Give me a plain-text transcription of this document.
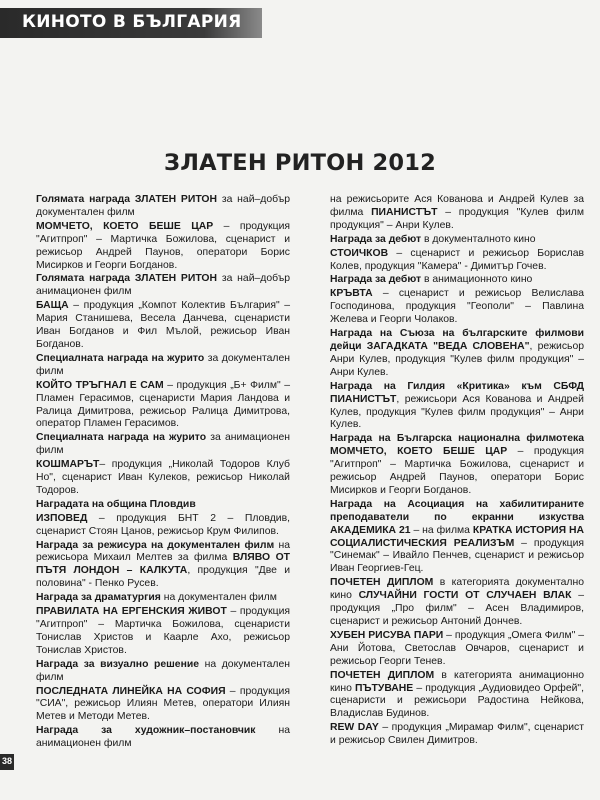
КИНОТО В БЪЛГАРИЯ
ЗЛАТЕН РИТОН 2012

Голямата награда ЗЛАТЕН РИТОН за най–добър документален филм

МОМЧЕТО, КОЕТО БЕШЕ ЦАР – продукция "Агитпроп" – Мартичка Божилова, сценарист и режисьор Андрей Паунов, оператори Борис Мисирков и Георги Богданов.

Голямата награда ЗЛАТЕН РИТОН за най–добър анимационен филм

БАЩА – продукция „Компот Колектив България" – Мария Станишева, Весела Данчева, сценаристи Иван Богданов и Фил Мълой, режисьор Иван Богданов.

Специалната награда на журито за документален филм

КОЙТО ТРЪГНАЛ Е САМ – продукция „Б+ Филм" – Пламен Герасимов, сценаристи Мария Ландова и Ралица Димитрова, режисьор Ралица Димитрова, оператор Пламен Герасимов.

Специалната награда на журито за анимационен филм

КОШМАРЪТ– продукция „Николай Тодоров Клуб Но", сценарист Иван Кулеков, режисьор Николай Тодоров.

Наградата на община Пловдив

ИЗПОВЕД – продукция БНТ 2 – Пловдив, сценарист Стоян Цанов, режисьор Крум Филипов.

Награда за режисура на документален филм на режисьора Михаил Мелтев за филма ВЛЯВО ОТ ПЪТЯ ЛОНДОН – КАЛКУТА, продукция "Две и половина" - Пенко Русев.

Награда за драматургия на документален филм

ПРАВИЛАТА НА ЕРГЕНСКИЯ ЖИВОТ – продукция "Агитпроп" – Мартичка Божилова, сценаристи Тонислав Христов и Каарле Ахо, режисьор Тонислав Христов.

Награда за визуално решение на документален филм

ПОСЛЕДНАТА ЛИНЕЙКА НА СОФИЯ – продукция "СИА", режисьор Илиян Метев, оператори Илиян Метев и Методи Метев.

Награда за художник–постановчик на анимационен филм

на режисьорите Ася Кованова и Андрей Кулев за филма ПИАНИСТЪТ – продукция "Кулев филм продукция" – Анри Кулев.

Награда за дебют в документалното кино

СТОИЧКОВ – сценарист и режисьор Борислав Колев, продукция "Камера" - Димитър Гочев.

Награда за дебют в анимационното кино

КРЪВТА – сценарист и режисьор Велислава Господинова, продукция "Геополи" – Павлина Желева и Георги Чолаков.

Награда на Съюза на българските филмови дейци ЗАГАДКАТА "ВЕДА СЛОВЕНА", режисьор Анри Кулев, продукция "Кулев филм продукция" – Анри Кулев.

Награда на Гилдия «Критика» към СБФД ПИАНИСТЪТ, режисьори Ася Кованова и Андрей Кулев, продукция "Кулев филм продукция" – Анри Кулев.

Награда на Българска национална филмотека МОМЧЕТО, КОЕТО БЕШЕ ЦАР – продукция "Агитпроп" – Мартичка Божилова, сценарист и режисьор Андрей Паунов, оператори Борис Мисирков и Георги Богданов.

Награда на Асоциация на хабилитираните преподаватели по екранни изкуства АКАДЕМИКА 21 – на филма КРАТКА ИСТОРИЯ НА СОЦИАЛИСТИЧЕСКИЯ РЕАЛИЗЪМ – продукция "Синемак" – Ивайло Пенчев, сценарист и режисьор Иван Георгиев-Гец.

ПОЧЕТЕН ДИПЛОМ в категорията документално кино СЛУЧАЙНИ ГОСТИ ОТ СЛУЧАЕН ВЛАК – продукция „Про филм" – Асен Владимиров, сценарист и режисьор Антоний Дончев.

ХУБЕН РИСУВА ПАРИ – продукция „Омега Филм" – Ани Йотова, Светослав Овчаров, сценарист и режисьор Георги Тенев.

ПОЧЕТЕН ДИПЛОМ в категорията анимационно кино ПЪТУВАНЕ – продукция „Аудиовидео Орфей", сценаристи и режисьори Радостина Нейкова, Владислав Будинов.

REW DAY – продукция „Мирамар Филм", сценарист и режисьор Свилен Димитров.

38
